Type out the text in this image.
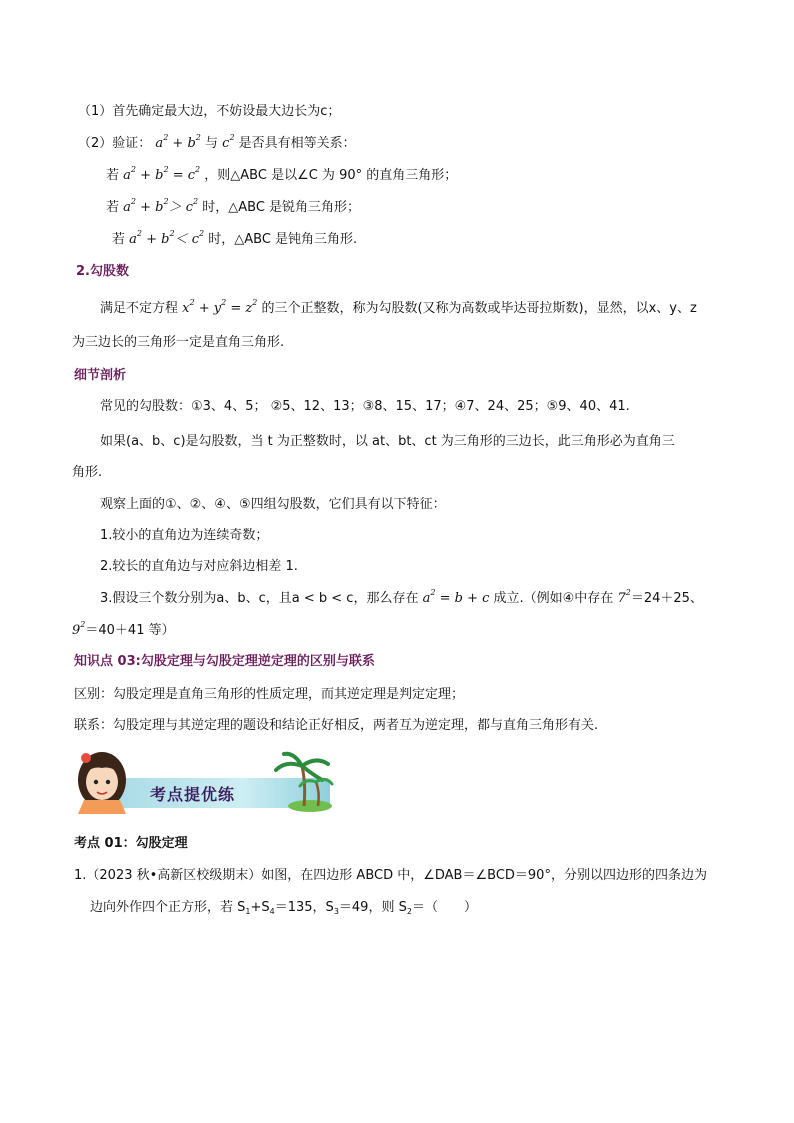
（1）首先确定最大边，不妨设最大边长为c；
（2）验证： $a^2 + b^2$ 与 $c^2$ 是否具有相等关系：
若 $a^2 + b^2 = c^2$ ，则△ABC 是以∠C 为 90° 的直角三角形；
若 $a^2 + b^2> c^2$ 时，△ABC 是锐角三角形；
若 $a^2 + b^2< c^2$ 时，△ABC 是钝角三角形.
2.勾股数
满足不定方程 $x^2 + y^2 = z^2$ 的三个正整数，称为勾股数(又称为高数或毕达哥拉斯数)，显然，以x、y、z
为三边长的三角形一定是直角三角形.
细节剖析
常见的勾股数：①3、4、5； ②5、12、13；③8、15、17；④7、24、25；⑤9、40、41.
如果(a、b、c)是勾股数，当 t 为正整数时，以 at、bt、ct 为三角形的三边长，此三角形必为直角三
角形.
观察上面的①、②、④、⑤四组勾股数，它们具有以下特征：
1.较小的直角边为连续奇数；
2.较长的直角边与对应斜边相差 1.
3.假设三个数分别为a、b、c，且a < b < c，那么存在 $a^2 = b + c$ 成立.（例如④中存在 $7^2=24+25$、
$9^2=40+41$ 等）
知识点 03:勾股定理与勾股定理逆定理的区别与联系
区别：勾股定理是直角三角形的性质定理，而其逆定理是判定定理；
联系：勾股定理与其逆定理的题设和结论正好相反，两者互为逆定理，都与直角三角形有关.
考点提优练
考点 01：勾股定理
1.（2023 秋•高新区校级期末）如图，在四边形 ABCD 中，∠DAB＝∠BCD＝90°，分别以四边形的四条边为
边向外作四个正方形，若 $S_1+S_4=135$，$S_3=49$，则 $S_2=$（　　）
